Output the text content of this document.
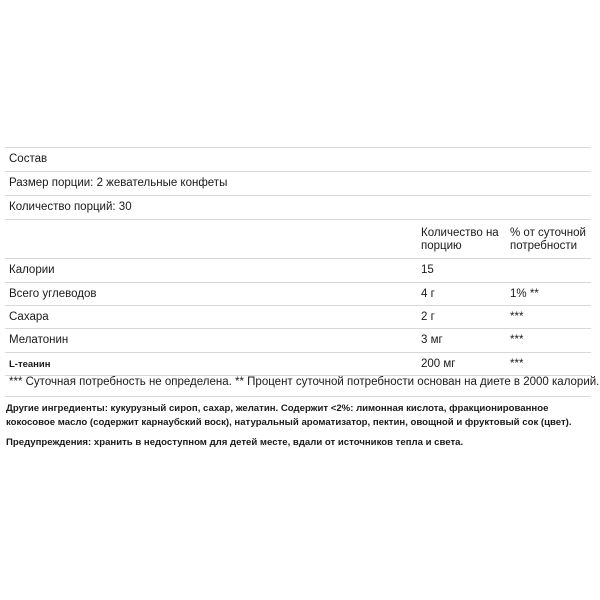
Состав		
Размер порции: 2 жевательные конфеты		
Количество порций: 30		
	Количество на порцию	% от суточной потребности
Калории	15	
Всего углеводов	4 г	1% **
Сахара	2 г	***
Мелатонин	3 мг	***
L-теанин	200 мг	***
*** Суточная потребность не определена. ** Процент суточной потребности основан на диете в 2000 калорий.
Другие ингредиенты: кукурузный сироп, сахар, желатин. Содержит <2%: лимонная кислота, фракционированное кокосовое масло (содержит карнаубский воск), натуральный ароматизатор, пектин, овощной и фруктовый сок (цвет).
Предупреждения: хранить в недоступном для детей месте, вдали от источников тепла и света.
